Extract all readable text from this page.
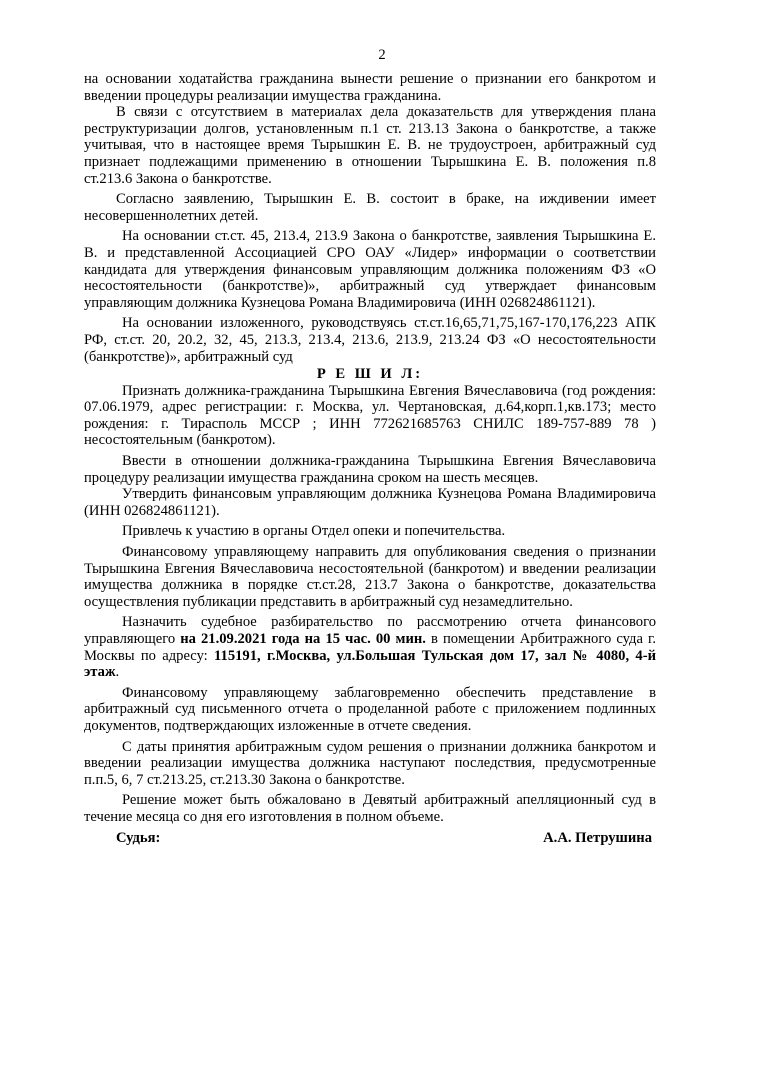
2

на основании ходатайства гражданина вынести решение о признании его банкротом и введении процедуры реализации имущества гражданина.

В связи с отсутствием в материалах дела доказательств для утверждения плана реструктуризации долгов, установленным п.1 ст. 213.13 Закона о банкротстве, а также учитывая, что в настоящее время Тырышкин Е. В. не трудоустроен, арбитражный суд признает подлежащими применению в отношении Тырышкина Е. В. положения п.8 ст.213.6 Закона о банкротстве.

Согласно заявлению, Тырышкин Е. В. состоит в браке, на иждивении имеет несовершеннолетних детей.

На основании ст.ст. 45, 213.4, 213.9 Закона о банкротстве, заявления Тырышкина Е. В. и представленной Ассоциацией СРО ОАУ «Лидер» информации о соответствии кандидата для утверждения финансовым управляющим должника положениям ФЗ «О несостоятельности (банкротстве)», арбитражный суд утверждает финансовым управляющим должника Кузнецова Романа Владимировича (ИНН 026824861121).

На основании изложенного, руководствуясь ст.ст.16,65,71,75,167-170,176,223 АПК РФ, ст.ст. 20, 20.2, 32, 45, 213.3, 213.4, 213.6, 213.9, 213.24 ФЗ «О несостоятельности (банкротстве)», арбитражный суд

Р Е Ш И Л:

Признать должника-гражданина Тырышкина Евгения Вячеславовича (год рождения: 07.06.1979, адрес регистрации: г. Москва, ул. Чертановская, д.64,корп.1,кв.173; место рождения: г. Тирасполь МССР ; ИНН 772621685763 СНИЛС 189-757-889 78 ) несостоятельным (банкротом).

Ввести в отношении должника-гражданина Тырышкина Евгения Вячеславовича процедуру реализации имущества гражданина сроком на шесть месяцев.

Утвердить финансовым управляющим должника Кузнецова Романа Владимировича (ИНН 026824861121).

Привлечь к участию в органы Отдел опеки и попечительства.

Финансовому управляющему направить для опубликования сведения о признании Тырышкина Евгения Вячеславовича несостоятельной (банкротом) и введении реализации имущества должника в порядке ст.ст.28, 213.7 Закона о банкротстве, доказательства осуществления публикации представить в арбитражный суд незамедлительно.

Назначить судебное разбирательство по рассмотрению отчета финансового управляющего на 21.09.2021 года на 15 час. 00 мин. в помещении Арбитражного суда г. Москвы по адресу: 115191, г.Москва, ул.Большая Тульская дом 17, зал № 4080, 4-й этаж.

Финансовому управляющему заблаговременно обеспечить представление в арбитражный суд письменного отчета о проделанной работе с приложением подлинных документов, подтверждающих изложенные в отчете сведения.

С даты принятия арбитражным судом решения о признании должника банкротом и введении реализации имущества должника наступают последствия, предусмотренные п.п.5, 6, 7 ст.213.25, ст.213.30 Закона о банкротстве.

Решение может быть обжаловано в Девятый арбитражный апелляционный суд в течение месяца со дня его изготовления в полном объеме.

Судья:	А.А. Петрушина
